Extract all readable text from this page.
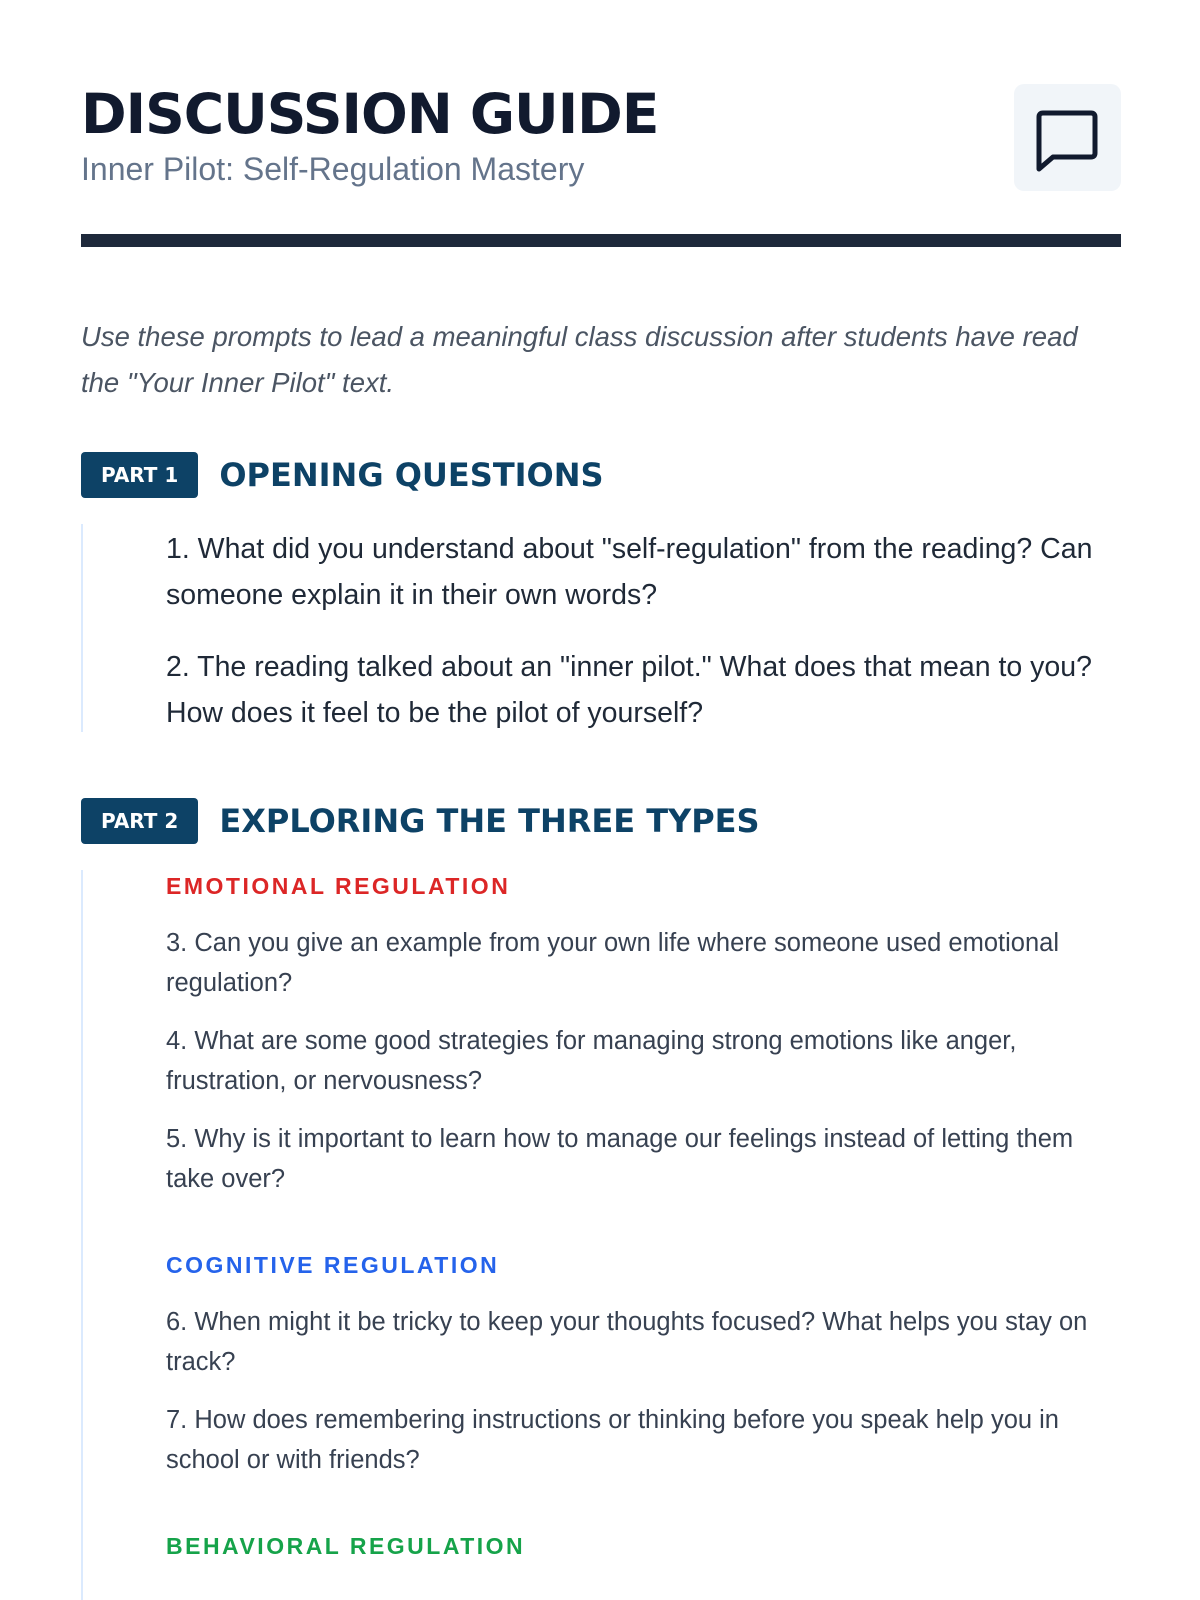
DISCUSSION GUIDE
Inner Pilot: Self-Regulation Mastery

Use these prompts to lead a meaningful class discussion after students have read the "Your Inner Pilot" text.

PART 1	OPENING QUESTIONS

1. What did you understand about "self-regulation" from the reading? Can someone explain it in their own words?

2. The reading talked about an "inner pilot." What does that mean to you? How does it feel to be the pilot of yourself?

PART 2	EXPLORING THE THREE TYPES

EMOTIONAL REGULATION

3. Can you give an example from your own life where someone used emotional regulation?

4. What are some good strategies for managing strong emotions like anger, frustration, or nervousness?

5. Why is it important to learn how to manage our feelings instead of letting them take over?

COGNITIVE REGULATION

6. When might it be tricky to keep your thoughts focused? What helps you stay on track?

7. How does remembering instructions or thinking before you speak help you in school or with friends?

BEHAVIORAL REGULATION
